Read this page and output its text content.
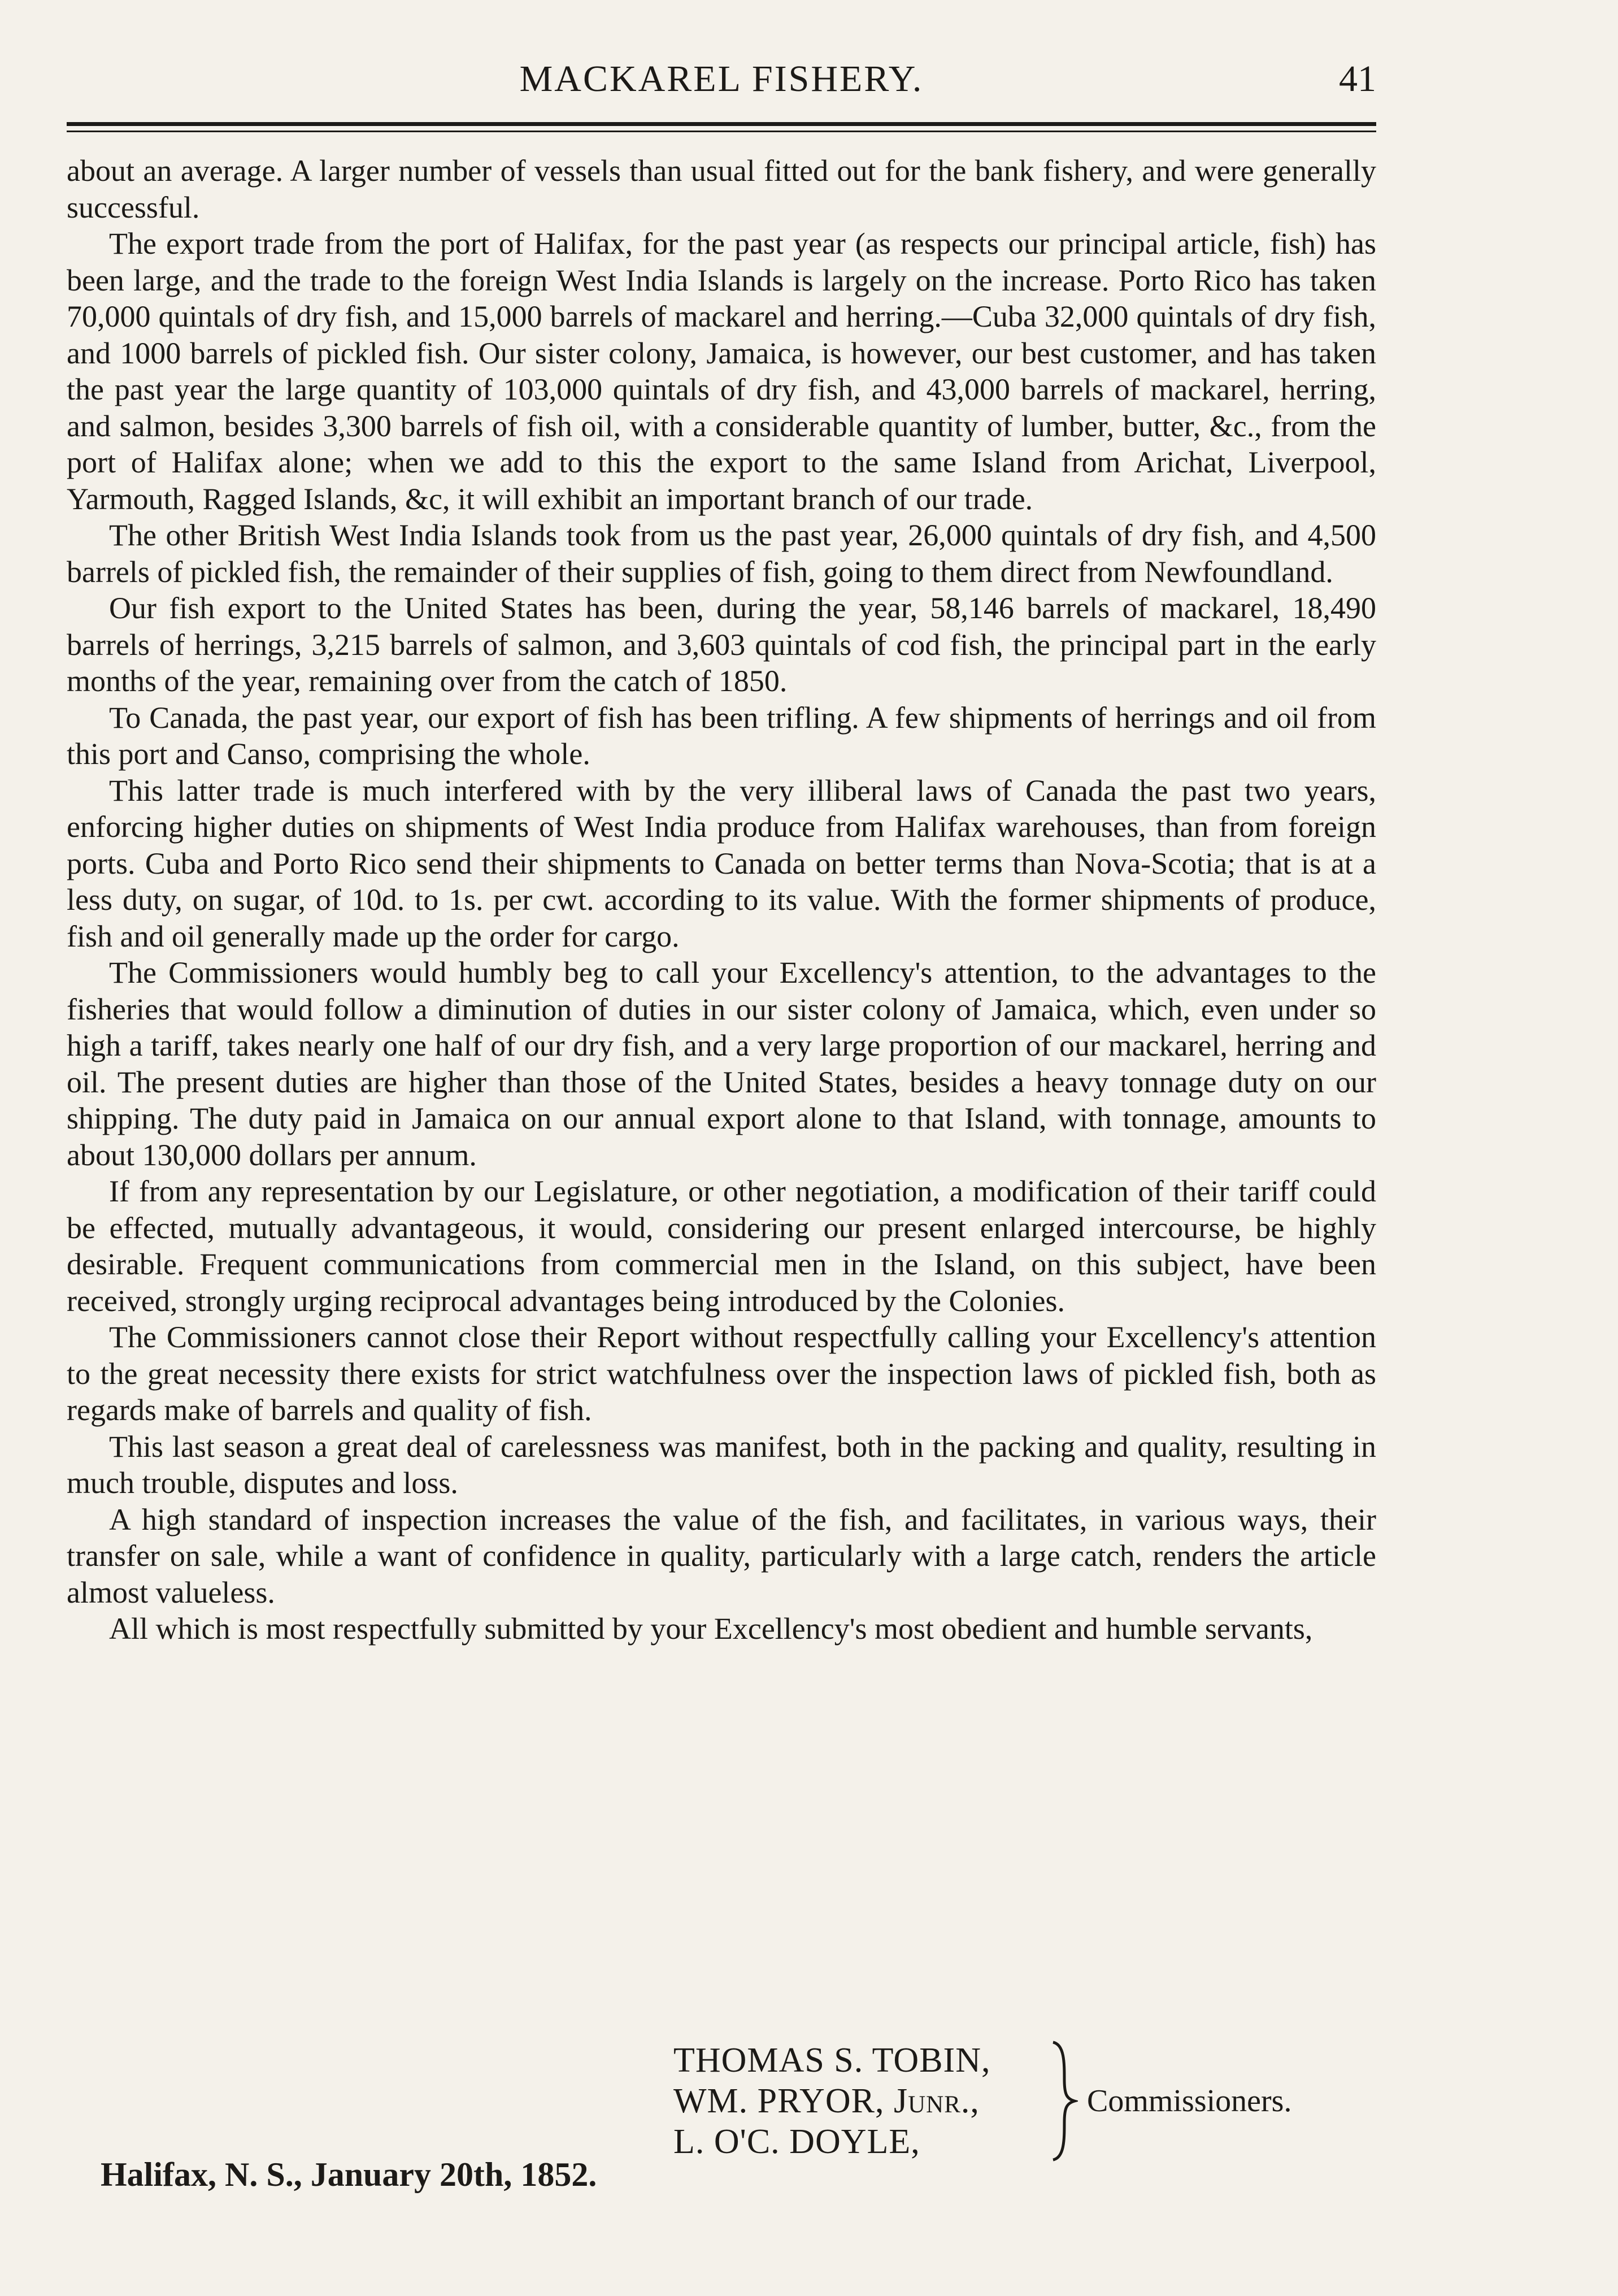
MACKAREL FISHERY.	41

about an average. A larger number of vessels than usual fitted out for the bank fishery, and were generally successful.

The export trade from the port of Halifax, for the past year (as respects our principal article, fish) has been large, and the trade to the foreign West India Islands is largely on the increase. Porto Rico has taken 70,000 quintals of dry fish, and 15,000 barrels of mackarel and herring.—Cuba 32,000 quintals of dry fish, and 1000 barrels of pickled fish. Our sister colony, Jamaica, is however, our best customer, and has taken the past year the large quantity of 103,000 quintals of dry fish, and 43,000 barrels of mackarel, herring, and salmon, besides 3,300 barrels of fish oil, with a considerable quantity of lumber, butter, &c., from the port of Halifax alone; when we add to this the export to the same Island from Arichat, Liverpool, Yarmouth, Ragged Islands, &c, it will exhibit an important branch of our trade.

The other British West India Islands took from us the past year, 26,000 quintals of dry fish, and 4,500 barrels of pickled fish, the remainder of their supplies of fish, going to them direct from Newfoundland.

Our fish export to the United States has been, during the year, 58,146 barrels of mackarel, 18,490 barrels of herrings, 3,215 barrels of salmon, and 3,603 quintals of cod fish, the principal part in the early months of the year, remaining over from the catch of 1850.

To Canada, the past year, our export of fish has been trifling. A few shipments of herrings and oil from this port and Canso, comprising the whole.

This latter trade is much interfered with by the very illiberal laws of Canada the past two years, enforcing higher duties on shipments of West India produce from Halifax warehouses, than from foreign ports. Cuba and Porto Rico send their shipments to Canada on better terms than Nova-Scotia; that is at a less duty, on sugar, of 10d. to 1s. per cwt. according to its value. With the former shipments of produce, fish and oil generally made up the order for cargo.

The Commissioners would humbly beg to call your Excellency's attention, to the advantages to the fisheries that would follow a diminution of duties in our sister colony of Jamaica, which, even under so high a tariff, takes nearly one half of our dry fish, and a very large proportion of our mackarel, herring and oil. The present duties are higher than those of the United States, besides a heavy tonnage duty on our shipping. The duty paid in Jamaica on our annual export alone to that Island, with tonnage, amounts to about 130,000 dollars per annum.

If from any representation by our Legislature, or other negotiation, a modification of their tariff could be effected, mutually advantageous, it would, considering our present enlarged intercourse, be highly desirable. Frequent communications from commercial men in the Island, on this subject, have been received, strongly urging reciprocal advantages being introduced by the Colonies.

The Commissioners cannot close their Report without respectfully calling your Excellency's attention to the great necessity there exists for strict watchfulness over the inspection laws of pickled fish, both as regards make of barrels and quality of fish.

This last season a great deal of carelessness was manifest, both in the packing and quality, resulting in much trouble, disputes and loss.

A high standard of inspection increases the value of the fish, and facilitates, in various ways, their transfer on sale, while a want of confidence in quality, particularly with a large catch, renders the article almost valueless.

All which is most respectfully submitted by your Excellency's most obedient and humble servants,

THOMAS S. TOBIN,
WM. PRYOR, Junr.,
L. O'C. DOYLE,
Commissioners.
Halifax, N. S., January 20th, 1852.
